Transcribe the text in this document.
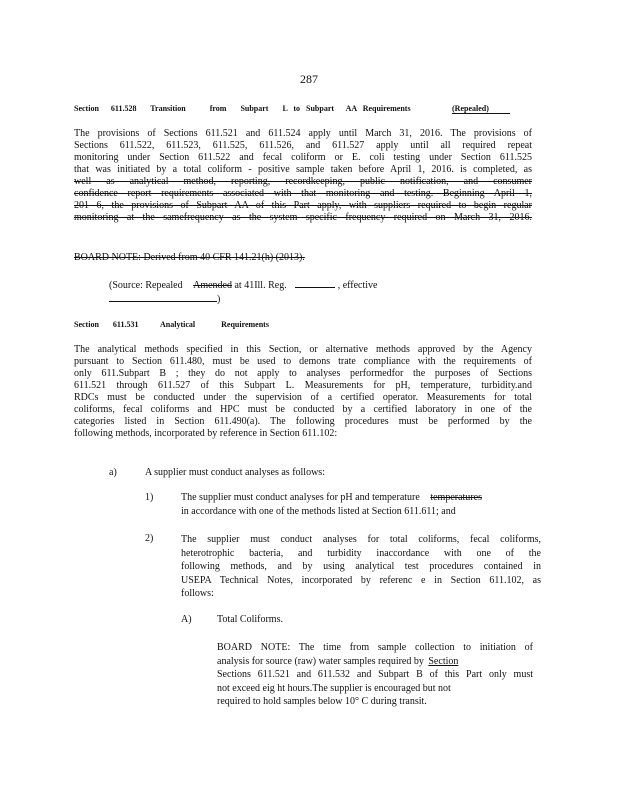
287
Section      611.528       Transition            from       Subpart       L   to   Subpart      AA   Requirements	(Repealed)
The provisions of Sections 611.521 and 611.524 apply until March 31, 2016. The provisions of
Sections 611.522, 611.523, 611.525, 611.526, and 611.527 apply until all required repeat
monitoring under Section 611.522 and fecal coliform or E. coli testing under Section 611.525
that was initiated by a total coliform - positive sample taken before April 1, 2016. is completed, as
well as analytical method, reporting, recordkeeping, public notification, and consumer
confidence report requirements associated with that monitoring and testing. Beginning April 1,
201 6, the provisions of Subpart AA of this Part apply, with suppliers required to begin regular
monitoring at the samefrequency as the system specific frequency required on March 31, 2016.
BOARD NOTE: Derived from 40 CFR 141.21(h) (2013).
(Source: Repealed Amended at 41Ill. Reg.	, effective
)
Section       611.531           Analytical             Requirements
The analytical methods specified in this Section, or alternative methods approved by the Agency
pursuant to Section 611.480, must be used to demons trate compliance with the requirements of
only 611.Subpart B ; they do not apply to analyses performedfor the purposes of Sections
611.521 through 611.527 of this Subpart L. Measurements for pH, temperature, turbidity.and
RDCs must be conducted under the supervision of a certified operator. Measurements for total
coliforms, fecal coliforms and HPC must be conducted by a certified laboratory in one of the
categories listed in Section 611.490(a). The following procedures must be performed by the
following methods, incorporated by reference in Section 611.102:
a)	A supplier must conduct analyses as follows:
1)	The supplier must conduct analyses for pH and temperature temperatures
in accordance with one of the methods listed at Section 611.611; and
2)	The supplier must conduct analyses for total coliforms, fecal coliforms,
heterotrophic bacteria, and turbidity inaccordance with one of the
following methods, and by using analytical test procedures contained in
USEPA Technical Notes, incorporated by referenc e in Section 611.102, as
follows:
A)	Total Coliforms.
BOARD NOTE: The time from sample collection to initiation of
analysis for source (raw) water samples required by Section
Sections 611.521 and 611.532 and Subpart B of this Part only must
not exceed eig ht hours.The supplier is encouraged but not
required to hold samples below 10° C during transit.
